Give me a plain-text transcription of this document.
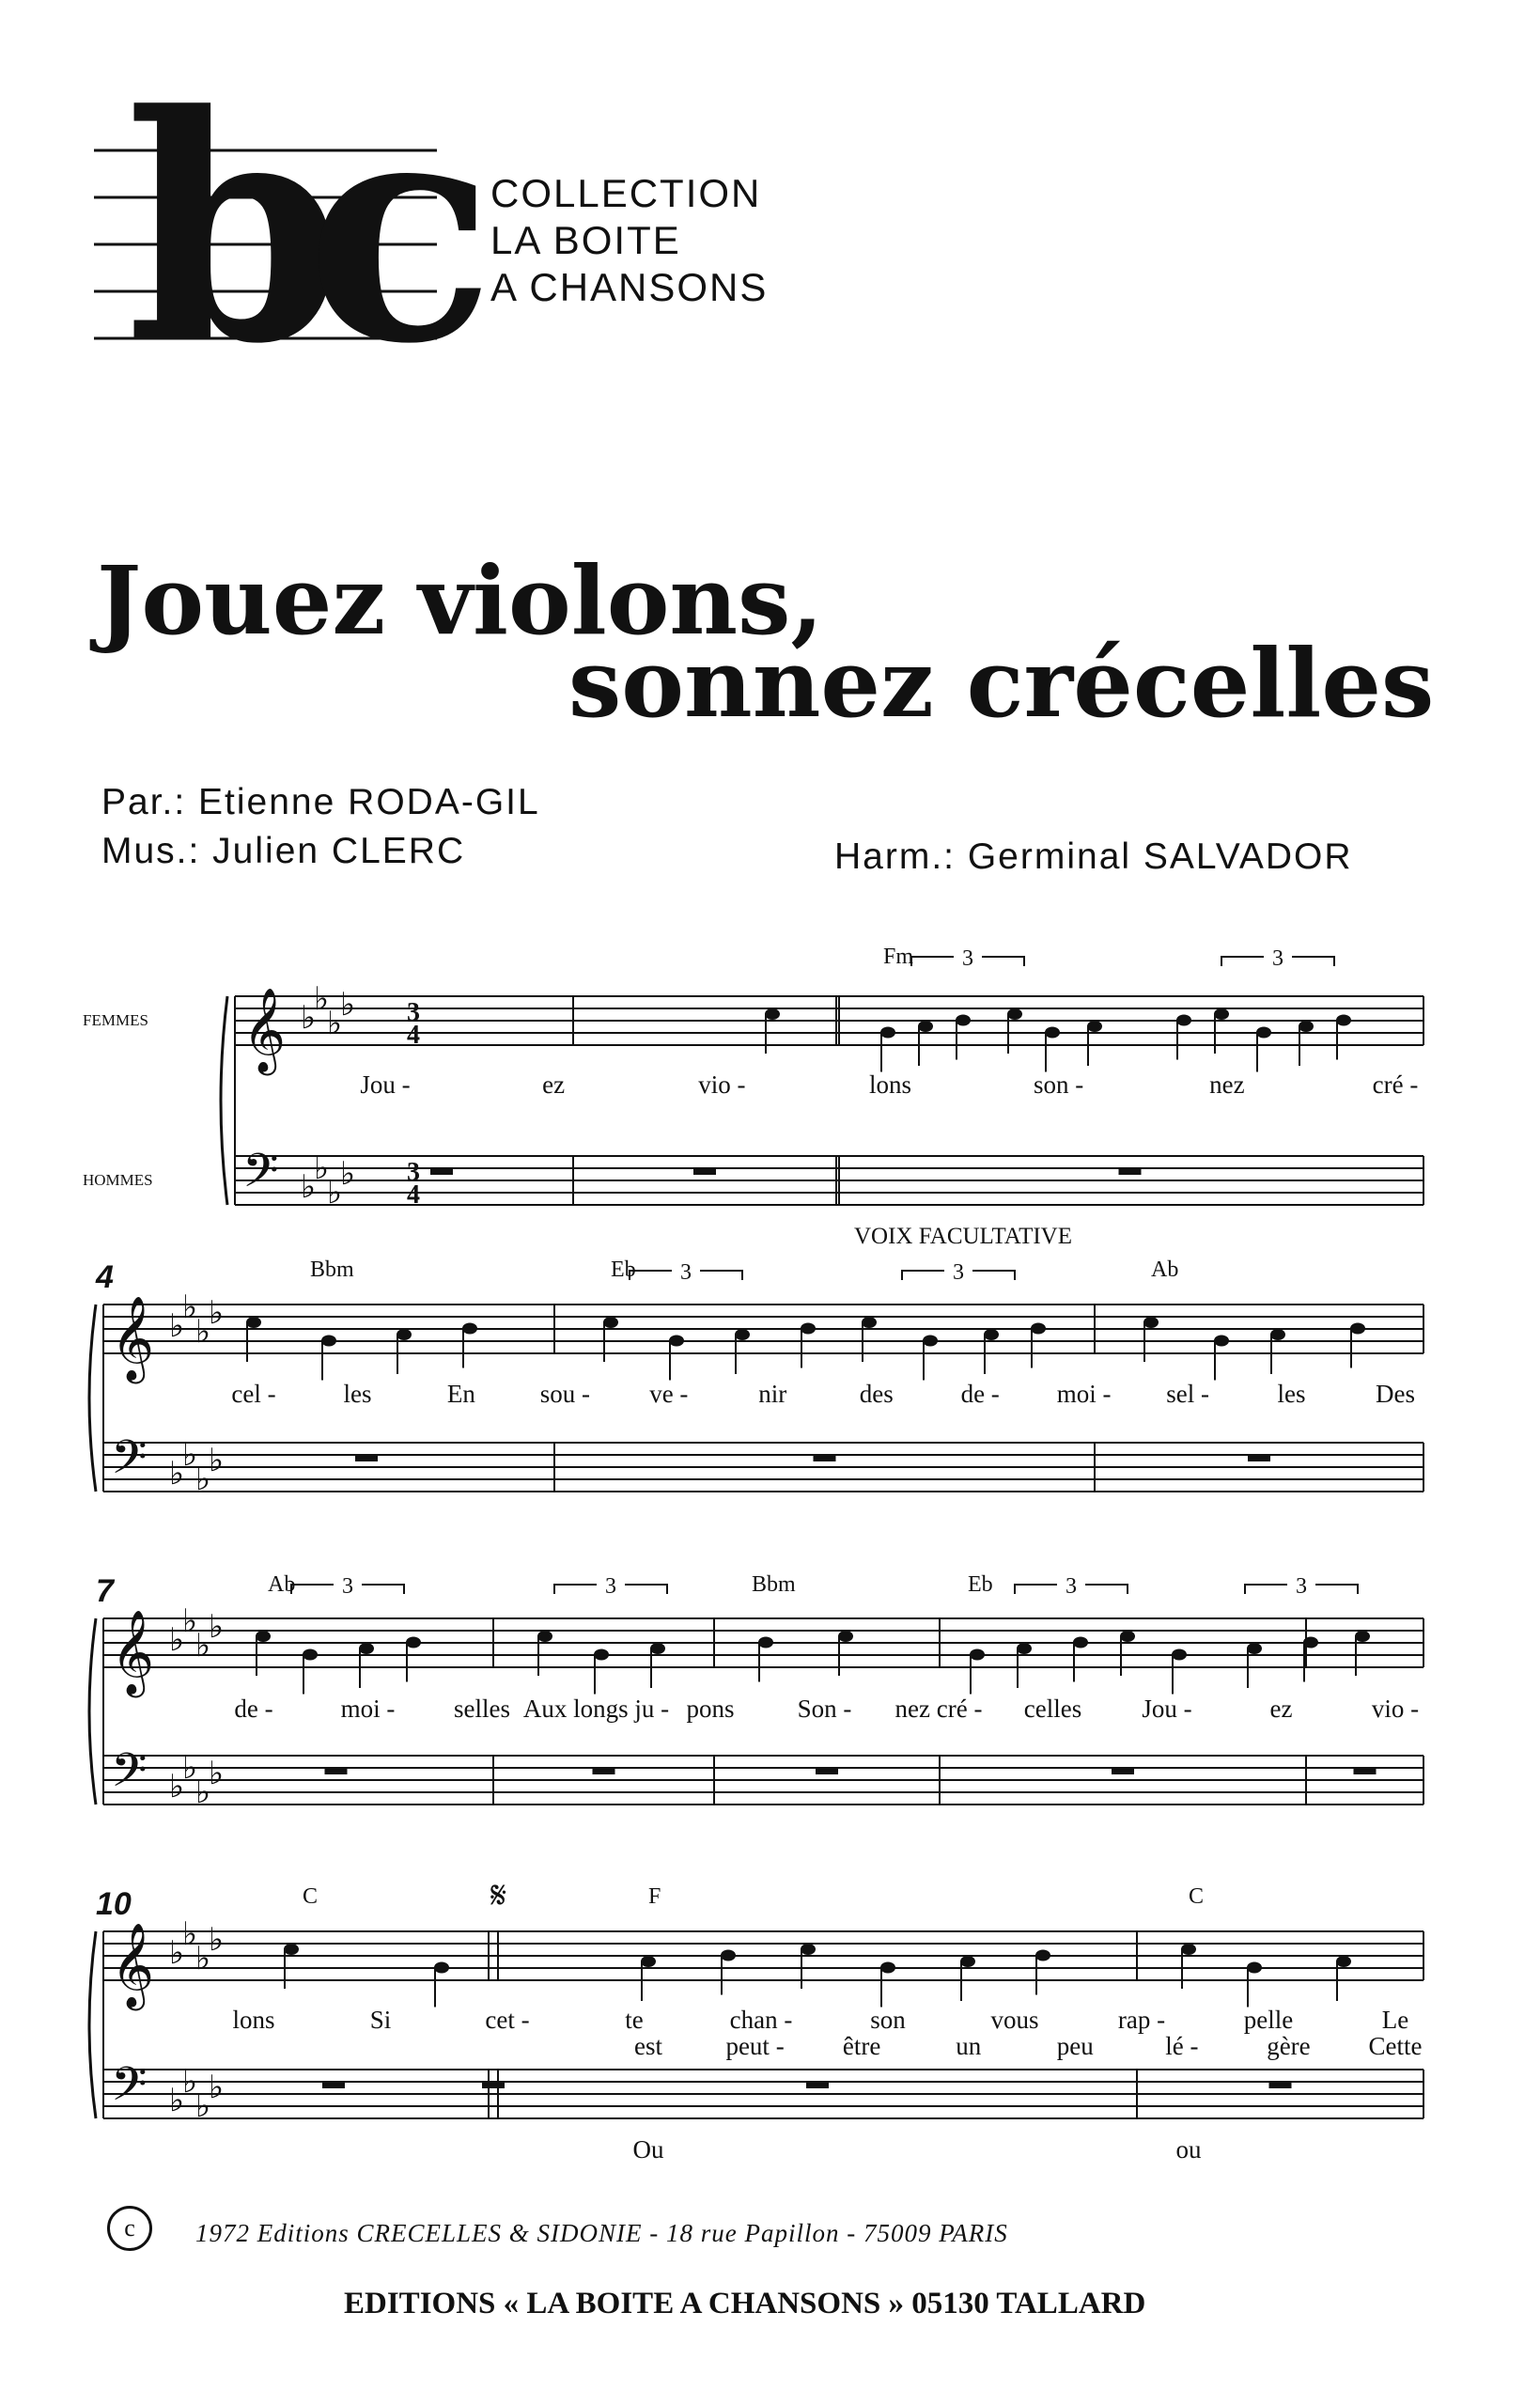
bc COLLECTION
LA BOITE
A CHANSONS
Jouez violons,
sonnez crécelles
Par.: Etienne RODA-GIL
Mus.: Julien CLERC	Harm.: Germinal SALVADOR
𝄞
𝄢
♭
♭
♭
♭
♭
♭
♭
♭
Fm
Jou -	ez	vio -	lons	son -	nez	cré -
𝄞
𝄢
♭
♭
♭
♭
♭
♭
♭
♭
4	Bbm	Eb	Ab
cel -	les	En	sou - ve -	nir	des	de - moi - sel -	les	Des
𝄞
𝄢
♭
♭
♭
♭
♭
♭
♭
♭
7	Ab	Bbm	Eb
de -	moi - selles Aux longs ju - pons Son - nez cré - celles Jou -	ez	vio -
𝄞
𝄢
♭
♭
♭
♭
♭
♭
♭
♭
10	C	F	C
lons	Si	cet -	te	chan -	son	vous	rap -	pelle	Le
est peut - être	un	peu	lé -	gère Cette
Ou	ou
FEMMES
HOMMES
VOIX FACULTATIVE
3
4
3
4
3	3
3	3
3	3	3	3
𝄋
c 1972 Editions CRECELLES & SIDONIE - 18 rue Papillon - 75009 PARIS
EDITIONS « LA BOITE A CHANSONS » 05130 TALLARD
